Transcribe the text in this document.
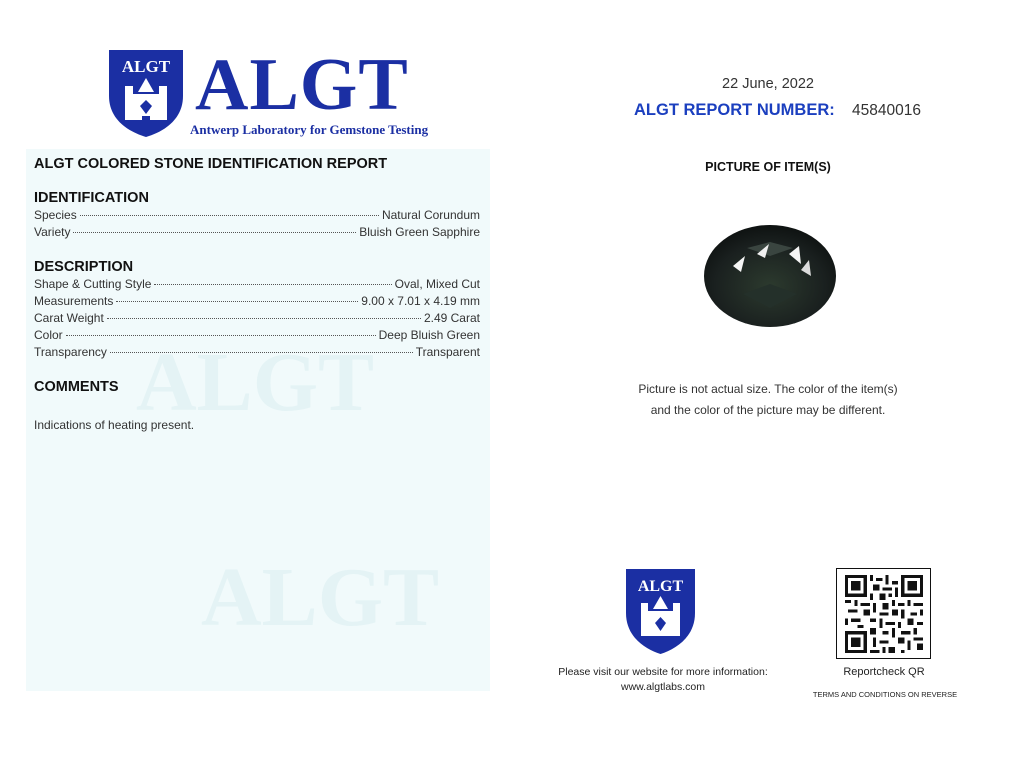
ALGT ALGT
Antwerp Laboratory for Gemstone Testing
ALGT
ALGT
ALGT COLORED STONE IDENTIFICATION REPORT
IDENTIFICATION
Species	Natural Corundum
Variety	Bluish Green Sapphire
DESCRIPTION
Shape & Cutting Style	Oval, Mixed Cut
Measurements	9.00 x 7.01 x 4.19 mm
Carat Weight	2.49 Carat
Color	Deep Bluish Green
Transparency	Transparent
COMMENTS
Indications of heating present.
22 June, 2022
ALGT REPORT NUMBER: 45840016
PICTURE OF ITEM(S)
Picture is not actual size. The color of the item(s)
and the color of the picture may be different.
ALGT
Please visit our website for more information:
www.algtlabs.com
Reportcheck QR
TERMS AND CONDITIONS ON REVERSE
